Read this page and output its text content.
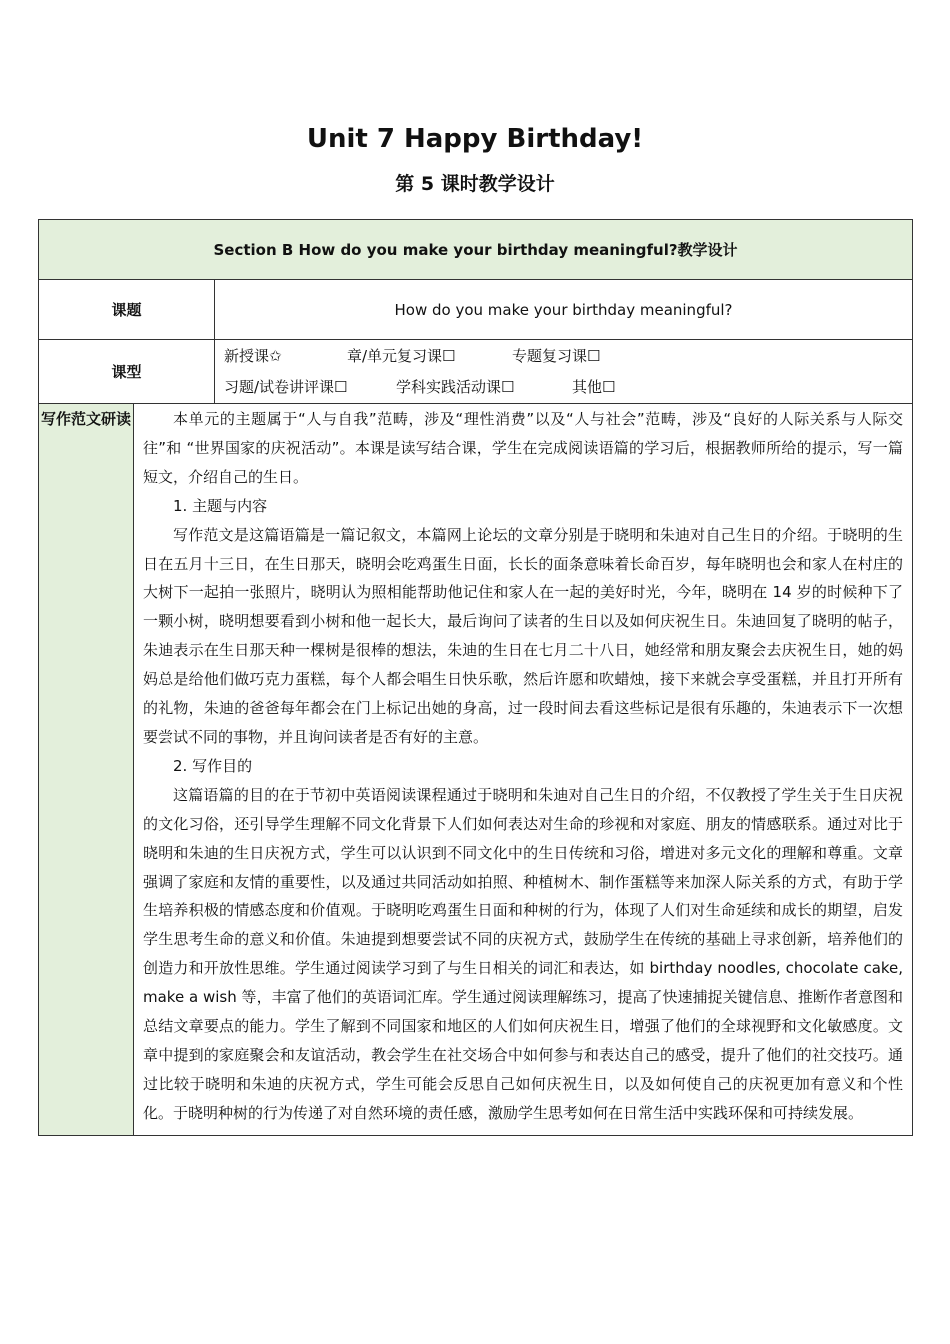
Unit 7 Happy Birthday!
第 5 课时教学设计
Section B How do you make your birthday meaningful?教学设计		
课题		How do you make your birthday meaningful?
课型		新授课✩ 章/单元复习课☐ 专题复习课☐
习题/试卷讲评课☐ 学科实践活动课☐ 其他☐

写作范文研读	本单元的主题属于“人与自我”范畴，涉及“理性消费”以及“人与社会”范畴，涉及“良好的人际关系与人际交往”和 “世界国家的庆祝活动”。本课是读写结合课，学生在完成阅读语篇的学习后，根据教师所给的提示，写一篇短文，介绍自己的生日。

1. 主题与内容

写作范文是这篇语篇是一篇记叙文，本篇网上论坛的文章分别是于晓明和朱迪对自己生日的介绍。于晓明的生日在五月十三日，在生日那天，晓明会吃鸡蛋生日面，长长的面条意味着长命百岁，每年晓明也会和家人在村庄的大树下一起拍一张照片，晓明认为照相能帮助他记住和家人在一起的美好时光，今年，晓明在 14 岁的时候种下了一颗小树，晓明想要看到小树和他一起长大，最后询问了读者的生日以及如何庆祝生日。朱迪回复了晓明的帖子，朱迪表示在生日那天种一棵树是很棒的想法，朱迪的生日在七月二十八日，她经常和朋友聚会去庆祝生日，她的妈妈总是给他们做巧克力蛋糕，每个人都会唱生日快乐歌，然后许愿和吹蜡烛，接下来就会享受蛋糕，并且打开所有的礼物，朱迪的爸爸每年都会在门上标记出她的身高，过一段时间去看这些标记是很有乐趣的，朱迪表示下一次想要尝试不同的事物，并且询问读者是否有好的主意。

2. 写作目的

这篇语篇的目的在于节初中英语阅读课程通过于晓明和朱迪对自己生日的介绍，不仅教授了学生关于生日庆祝的文化习俗，还引导学生理解不同文化背景下人们如何表达对生命的珍视和对家庭、朋友的情感联系。通过对比于晓明和朱迪的生日庆祝方式，学生可以认识到不同文化中的生日传统和习俗，增进对多元文化的理解和尊重。文章强调了家庭和友情的重要性，以及通过共同活动如拍照、种植树木、制作蛋糕等来加深人际关系的方式，有助于学生培养积极的情感态度和价值观。于晓明吃鸡蛋生日面和种树的行为，体现了人们对生命延续和成长的期望，启发学生思考生命的意义和价值。朱迪提到想要尝试不同的庆祝方式，鼓励学生在传统的基础上寻求创新，培养他们的创造力和开放性思维。学生通过阅读学习到了与生日相关的词汇和表达，如 birthday noodles, chocolate cake, make a wish 等，丰富了他们的英语词汇库。学生通过阅读理解练习，提高了快速捕捉关键信息、推断作者意图和总结文章要点的能力。学生了解到不同国家和地区的人们如何庆祝生日，增强了他们的全球视野和文化敏感度。文章中提到的家庭聚会和友谊活动，教会学生在社交场合中如何参与和表达自己的感受，提升了他们的社交技巧。通过比较于晓明和朱迪的庆祝方式，学生可能会反思自己如何庆祝生日，以及如何使自己的庆祝更加有意义和个性化。于晓明种树的行为传递了对自然环境的责任感，激励学生思考如何在日常生活中实践环保和可持续发展。	
